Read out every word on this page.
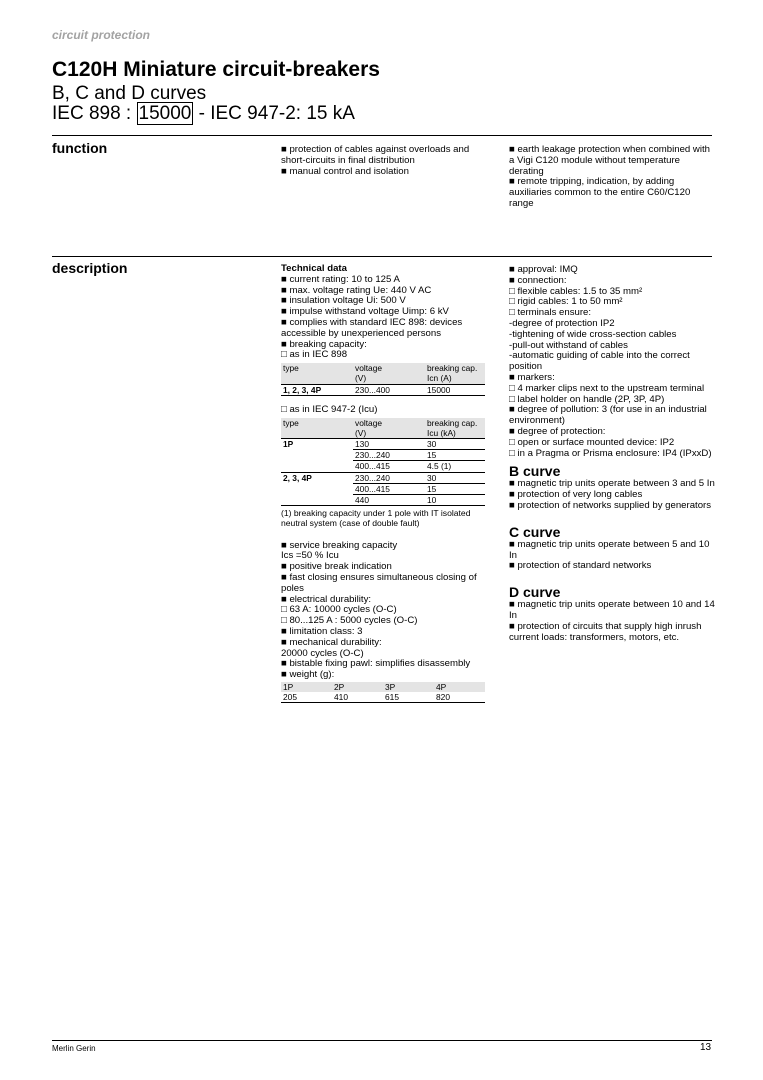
circuit protection
C120H Miniature circuit-breakers
B, C and D curves
IEC 898 : 15000 - IEC 947-2: 15 kA
function	■ protection of cables against overloads and short-circuits in final distribution

■ manual control and isolation

■ earth leakage protection when combined with a Vigi C120 module without temperature derating

■ remote tripping, indication, by adding auxiliaries common to the entire C60/C120 range

description	Technical data

■ current rating: 10 to 125 A

■ max. voltage rating Ue: 440 V AC

■ insulation voltage Ui: 500 V

■ impulse withstand voltage Uimp: 6 kV

■ complies with standard IEC 898: devices accessible by unexperienced persons

■ breaking capacity:

□ as in IEC 898

type	voltage	breaking cap.
	(V)	Icn (A)
1, 2, 3, 4P	230...400	15000

□ as in IEC 947-2 (Icu)

type	voltage	breaking cap.
	(V)	Icu (kA)
1P	130	30
	230...240	15
	400...415	4.5 (1)
2, 3, 4P	230...240	30
	400...415	15
	440	10

(1) breaking capacity under 1 pole with IT isolated neutral system (case of double fault)

■ service breaking capacity

Ics =50 % Icu

■ positive break indication

■ fast closing ensures simultaneous closing of poles

■ electrical durability:

□ 63 A: 10000 cycles (O-C)

□ 80...125 A : 5000 cycles (O-C)

■ limitation class: 3

■ mechanical durability:

20000 cycles (O-C)

■ bistable fixing pawl: simplifies disassembly

■ weight (g):

1P	2P	3P	4P
205	410	615	820

■ approval: IMQ

■ connection:

□ flexible cables: 1.5 to 35 mm²

□ rigid cables: 1 to 50 mm²

□ terminals ensure:

-degree of protection IP2

-tightening of wide cross-section cables

-pull-out withstand of cables

-automatic guiding of cable into the correct position

■ markers:

□ 4 marker clips next to the upstream terminal

□ label holder on handle (2P, 3P, 4P)

■ degree of pollution: 3 (for use in an industrial environment)

■ degree of protection:

□ open or surface mounted device: IP2

□ in a Pragma or Prisma enclosure: IP4 (IPxxD)

B curve

■ magnetic trip units operate between 3 and 5 In

■ protection of very long cables

■ protection of networks supplied by generators

C curve

■ magnetic trip units operate between 5 and 10 In

■ protection of standard networks

D curve

■ magnetic trip units operate between 10 and 14 In

■ protection of circuits that supply high inrush current loads: transformers, motors, etc.

Merlin Gerin	13
